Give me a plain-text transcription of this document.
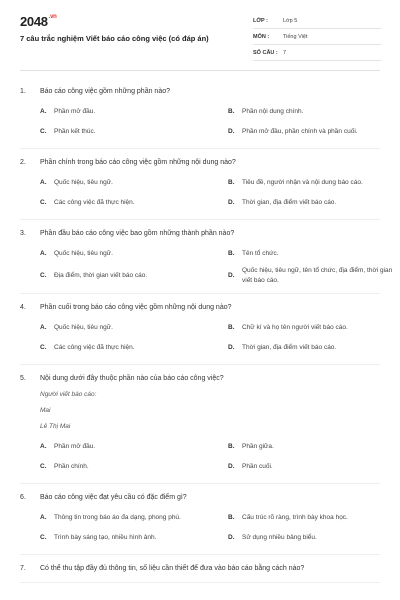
$2048^{.vn}$
7 câu trắc nghiệm Viết báo cáo công việc (có đáp án)
LỚP :	Lớp 5
MÔN :	Tiếng Việt
SỐ CÂU : 7
1.	Báo cáo công việc gồm những phần nào?
A.	Phần mở đầu.	B.	Phần nội dung chính.
C.	Phần kết thúc.	D.	Phần mở đầu, phần chính và phần cuối.
2.	Phần chính trong báo cáo công việc gồm những nội dung nào?
A.	Quốc hiệu, tiêu ngữ.	B.	Tiêu đề, người nhận và nội dung báo cáo.
C.	Các công việc đã thực hiện.	D.	Thời gian, địa điểm viết báo cáo.
3.	Phần đầu báo cáo công việc bao gồm những thành phần nào?
A.	Quốc hiệu, tiêu ngữ.	B.	Tên tổ chức.
C.	Địa điểm, thời gian viết báo cáo.	D.
Quốc hiệu, tiêu ngữ, tên tổ chức, địa điểm, thời gian viết báo cáo.
4.	Phần cuối trong báo cáo công việc gồm những nội dung nào?
A.	Quốc hiệu, tiêu ngữ.	B.	Chữ kí và họ tên người viết báo cáo.
C.	Các công việc đã thực hiện.	D.	Thời gian, địa điểm viết báo cáo.
5.	Nội dung dưới đây thuộc phần nào của báo cáo công việc?
Người viết báo cáo:
Mai
Lê Thị Mai
A.	Phần mở đầu.	B.	Phần giữa.
C.	Phần chính.	D.	Phần cuối.
6.	Báo cáo công việc đạt yêu cầu có đặc điểm gì?
A.	Thông tin trong báo áo đa dạng, phong phú.	B.	Cấu trúc rõ ràng, trình bày khoa học.
C.	Trình bày sáng tạo, nhiều hình ảnh.	D.	Sử dụng nhiều bảng biểu.
7.	Có thể thu tập đầy đủ thông tin, số liệu cần thiết để đưa vào báo cáo bằng cách nào?
